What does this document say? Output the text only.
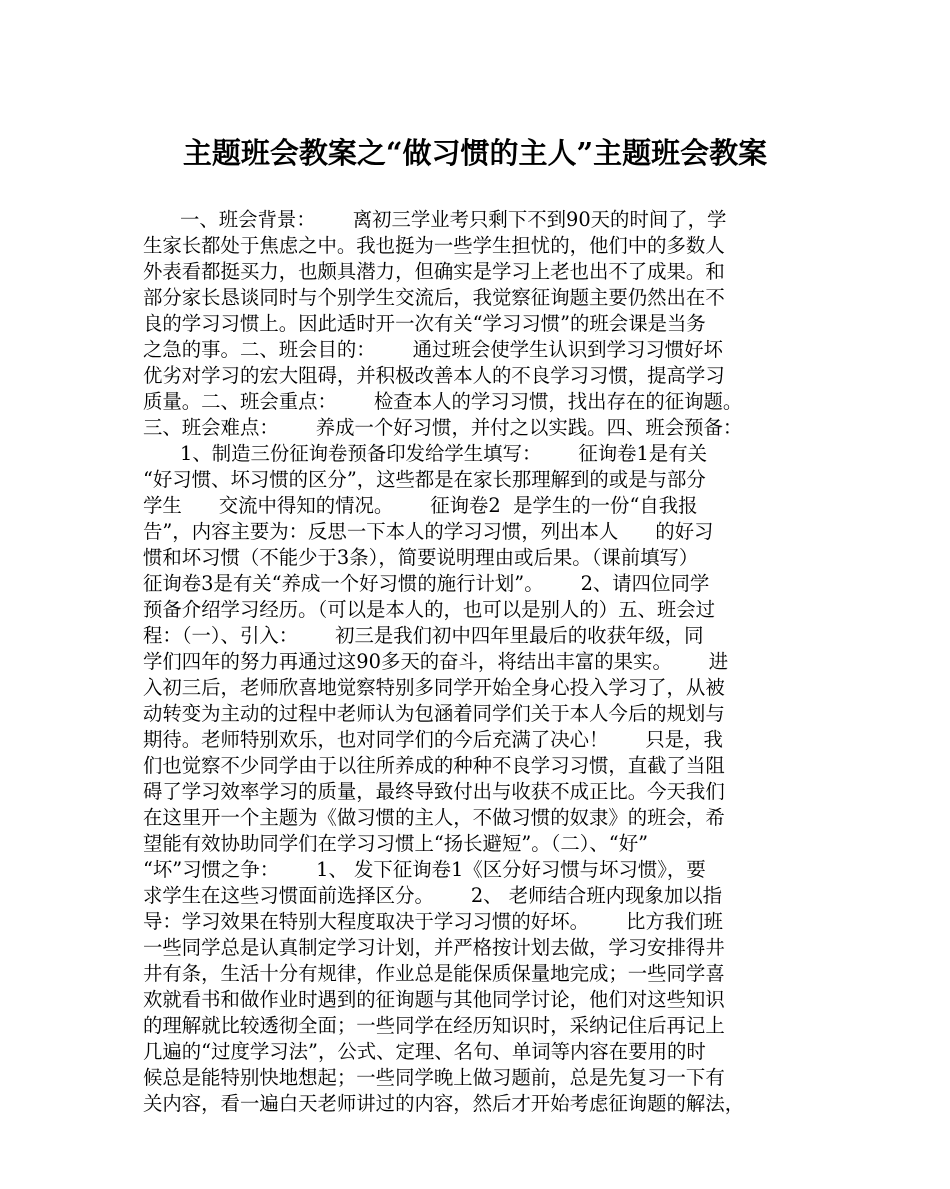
主题班会教案之“做习惯的主人”主题班会教案
一、班会背景：      离初三学业考只剩下不到90天的时间了，学
生家长都处于焦虑之中。我也挺为一些学生担忧的，他们中的多数人
外表看都挺买力，也颇具潜力，但确实是学习上老也出不了成果。和
部分家长恳谈同时与个别学生交流后，我觉察征询题主要仍然出在不
良的学习习惯上。因此适时开一次有关“学习习惯”的班会课是当务
之急的事。二、班会目的：      通过班会使学生认识到学习习惯好坏
优劣对学习的宏大阻碍，并积极改善本人的不良学习习惯，提高学习
质量。二、班会重点：      检查本人的学习习惯，找出存在的征询题。
三、班会难点：      养成一个好习惯，并付之以实践。四、班会预备：
1、制造三份征询卷预备印发给学生填写：      征询卷1是有关
“好习惯、坏习惯的区分”，这些都是在家长那理解到的或是与部分
学生      交流中得知的情况。      征询卷2  是学生的一份“自我报
告”，内容主要为：反思一下本人的学习习惯，列出本人      的好习
惯和坏习惯（不能少于3条），简要说明理由或后果。（课前填写）
征询卷3是有关“养成一个好习惯的施行计划”。      2、请四位同学
预备介绍学习经历。（可以是本人的，也可以是别人的）五、班会过
程：（一）、引入：      初三是我们初中四年里最后的收获年级，同
学们四年的努力再通过这90多天的奋斗，将结出丰富的果实。      进
入初三后，老师欣喜地觉察特别多同学开始全身心投入学习了，从被
动转变为主动的过程中老师认为包涵着同学们关于本人今后的规划与
期待。老师特别欢乐，也对同学们的今后充满了决心！      只是，我
们也觉察不少同学由于以往所养成的种种不良学习习惯，直截了当阻
碍了学习效率学习的质量，最终导致付出与收获不成正比。今天我们
在这里开一个主题为《做习惯的主人，不做习惯的奴隶》的班会，希
望能有效协助同学们在学习习惯上“扬长避短”。（二）、“好”
“坏”习惯之争：      1、 发下征询卷1《区分好习惯与坏习惯》，要
求学生在这些习惯面前选择区分。      2、 老师结合班内现象加以指
导：学习效果在特别大程度取决于学习习惯的好坏。      比方我们班
一些同学总是认真制定学习计划，并严格按计划去做，学习安排得井
井有条，生活十分有规律，作业总是能保质保量地完成；一些同学喜
欢就看书和做作业时遇到的征询题与其他同学讨论，他们对这些知识
的理解就比较透彻全面；一些同学在经历知识时，采纳记住后再记上
几遍的“过度学习法”，公式、定理、名句、单词等内容在要用的时
候总是能特别快地想起；一些同学晚上做习题前，总是先复习一下有
关内容，看一遍白天老师讲过的内容，然后才开始考虑征询题的解法，
